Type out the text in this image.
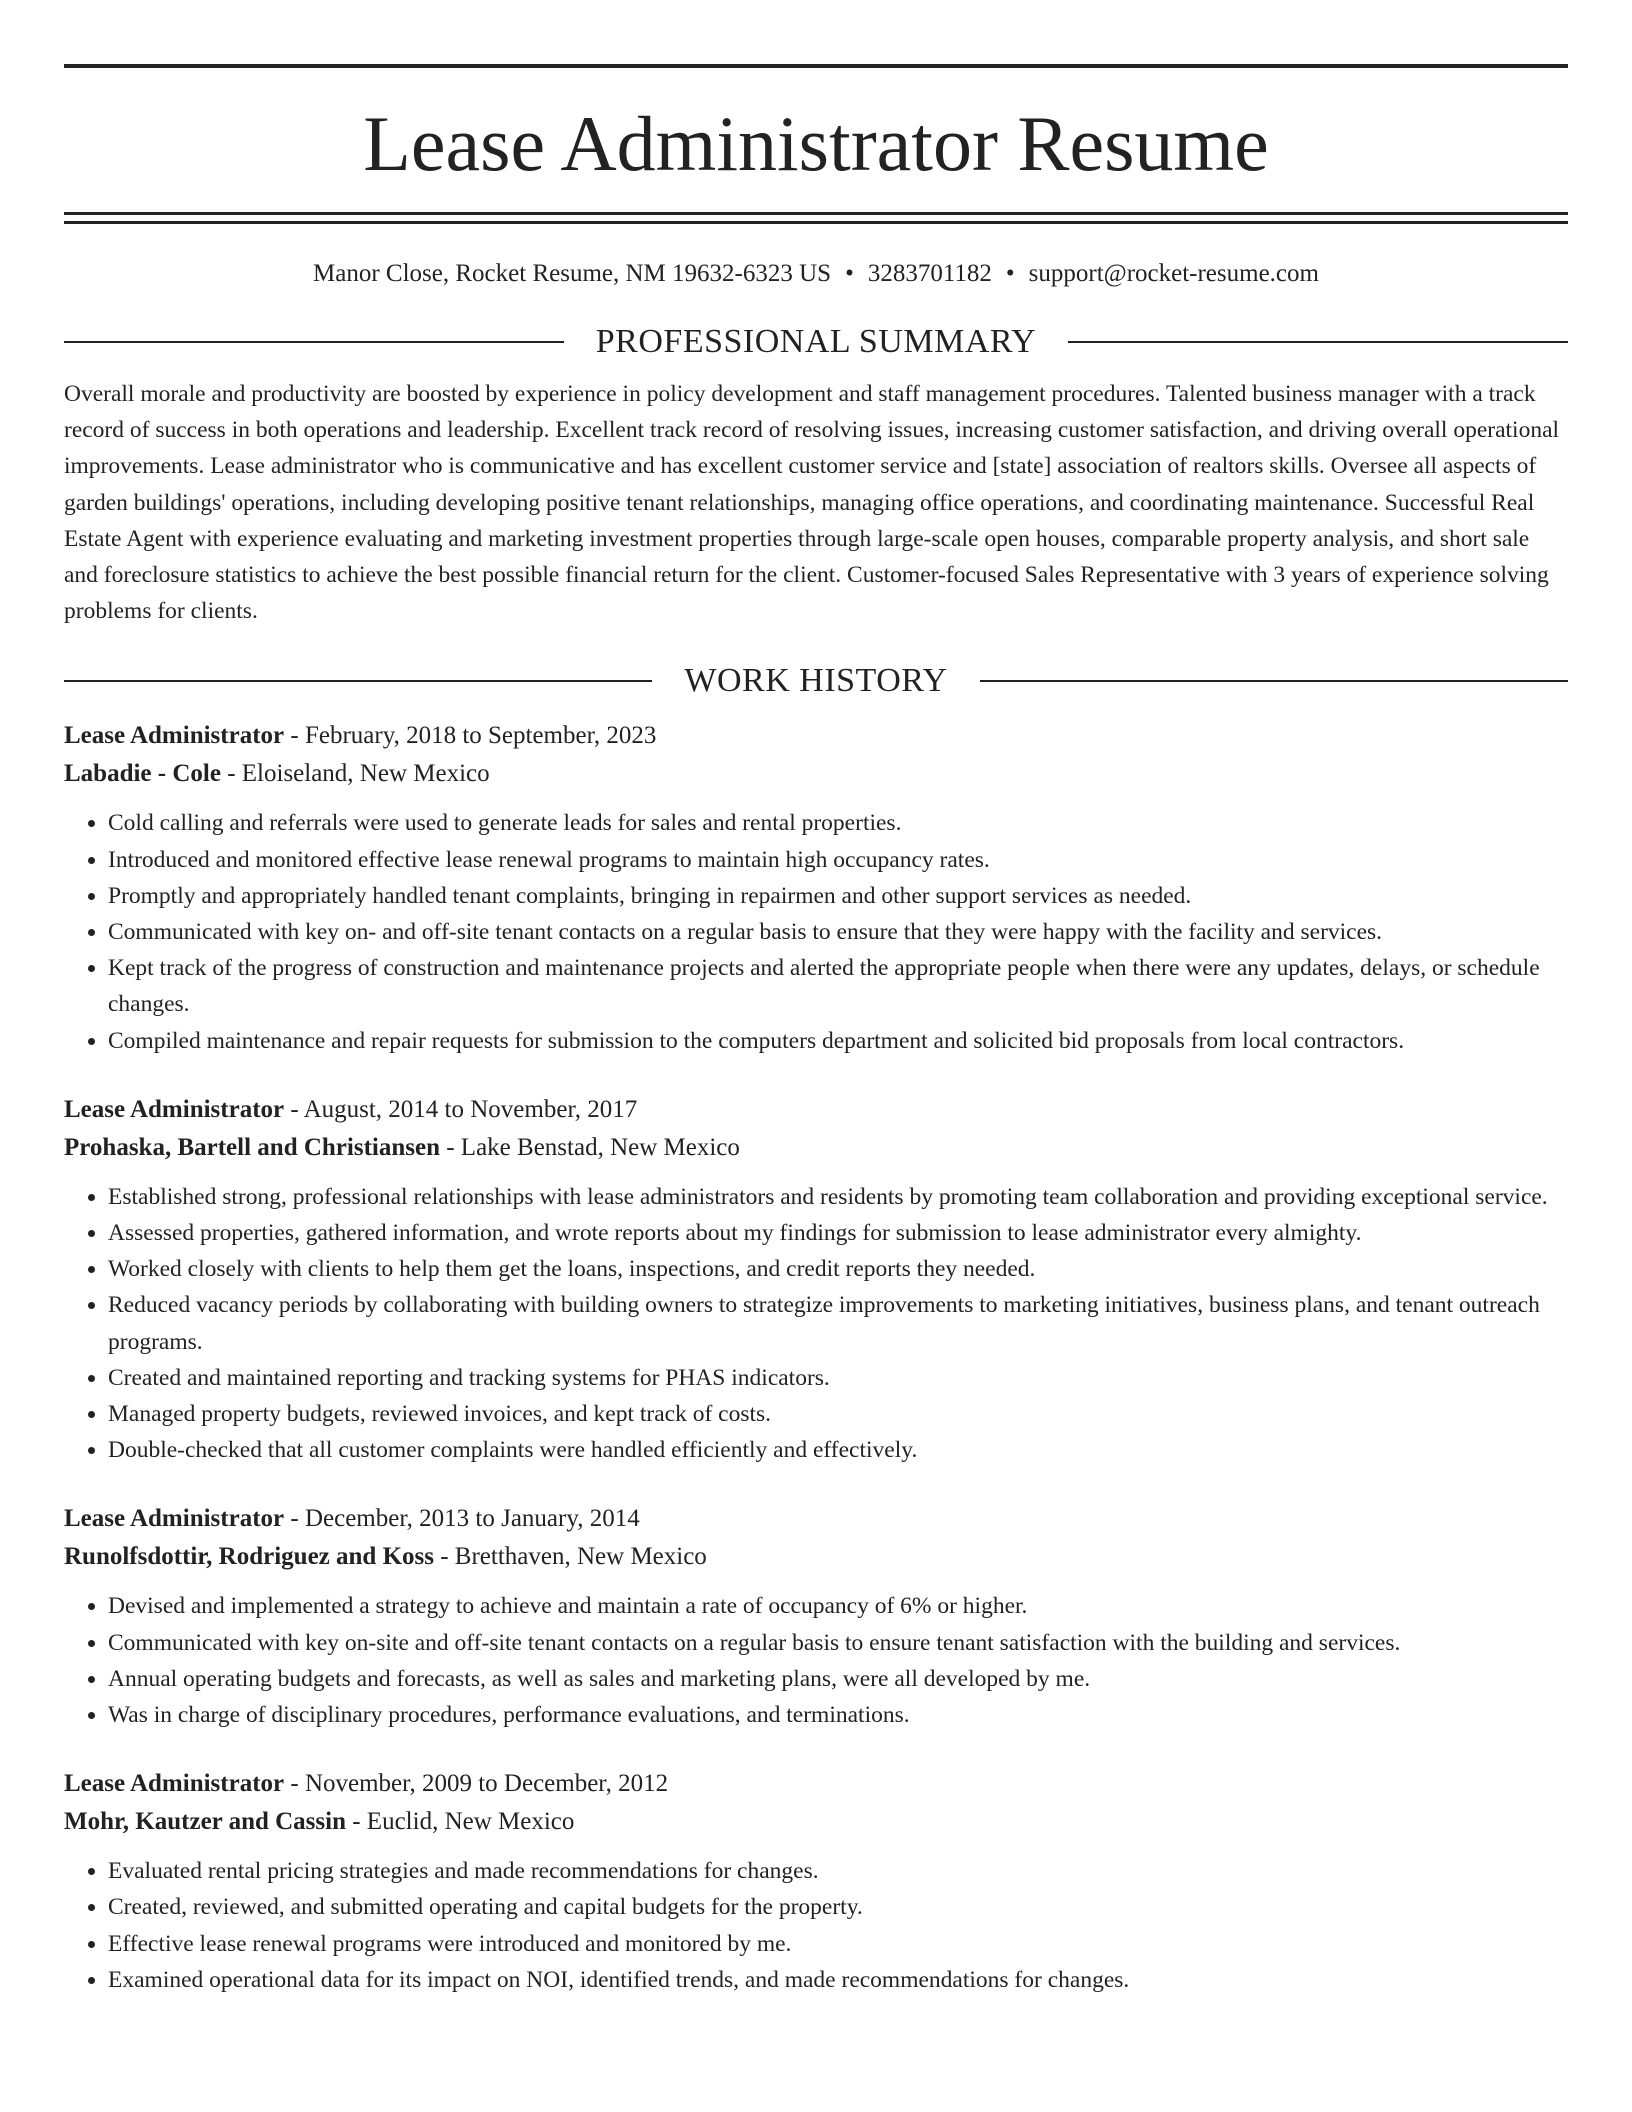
Lease Administrator Resume
Manor Close, Rocket Resume, NM 19632-6323 US • 3283701182 • support@rocket-resume.com
PROFESSIONAL SUMMARY
Overall morale and productivity are boosted by experience in policy development and staff management procedures. Talented business manager with a track record of success in both operations and leadership. Excellent track record of resolving issues, increasing customer satisfaction, and driving overall operational improvements. Lease administrator who is communicative and has excellent customer service and [state] association of realtors skills. Oversee all aspects of garden buildings' operations, including developing positive tenant relationships, managing office operations, and coordinating maintenance. Successful Real Estate Agent with experience evaluating and marketing investment properties through large-scale open houses, comparable property analysis, and short sale and foreclosure statistics to achieve the best possible financial return for the client. Customer-focused Sales Representative with 3 years of experience solving problems for clients.
WORK HISTORY
Lease Administrator - February, 2018 to September, 2023
Labadie - Cole - Eloiseland, New Mexico
• Cold calling and referrals were used to generate leads for sales and rental properties.
• Introduced and monitored effective lease renewal programs to maintain high occupancy rates.
• Promptly and appropriately handled tenant complaints, bringing in repairmen and other support services as needed.
• Communicated with key on- and off-site tenant contacts on a regular basis to ensure that they were happy with the facility and services.
• Kept track of the progress of construction and maintenance projects and alerted the appropriate people when there were any updates, delays, or schedule changes.
• Compiled maintenance and repair requests for submission to the computers department and solicited bid proposals from local contractors.
Lease Administrator - August, 2014 to November, 2017
Prohaska, Bartell and Christiansen - Lake Benstad, New Mexico
• Established strong, professional relationships with lease administrators and residents by promoting team collaboration and providing exceptional service.
• Assessed properties, gathered information, and wrote reports about my findings for submission to lease administrator every almighty.
• Worked closely with clients to help them get the loans, inspections, and credit reports they needed.
• Reduced vacancy periods by collaborating with building owners to strategize improvements to marketing initiatives, business plans, and tenant outreach programs.
• Created and maintained reporting and tracking systems for PHAS indicators.
• Managed property budgets, reviewed invoices, and kept track of costs.
• Double-checked that all customer complaints were handled efficiently and effectively.
Lease Administrator - December, 2013 to January, 2014
Runolfsdottir, Rodriguez and Koss - Bretthaven, New Mexico
• Devised and implemented a strategy to achieve and maintain a rate of occupancy of 6% or higher.
• Communicated with key on-site and off-site tenant contacts on a regular basis to ensure tenant satisfaction with the building and services.
• Annual operating budgets and forecasts, as well as sales and marketing plans, were all developed by me.
• Was in charge of disciplinary procedures, performance evaluations, and terminations.
Lease Administrator - November, 2009 to December, 2012
Mohr, Kautzer and Cassin - Euclid, New Mexico
• Evaluated rental pricing strategies and made recommendations for changes.
• Created, reviewed, and submitted operating and capital budgets for the property.
• Effective lease renewal programs were introduced and monitored by me.
• Examined operational data for its impact on NOI, identified trends, and made recommendations for changes.
